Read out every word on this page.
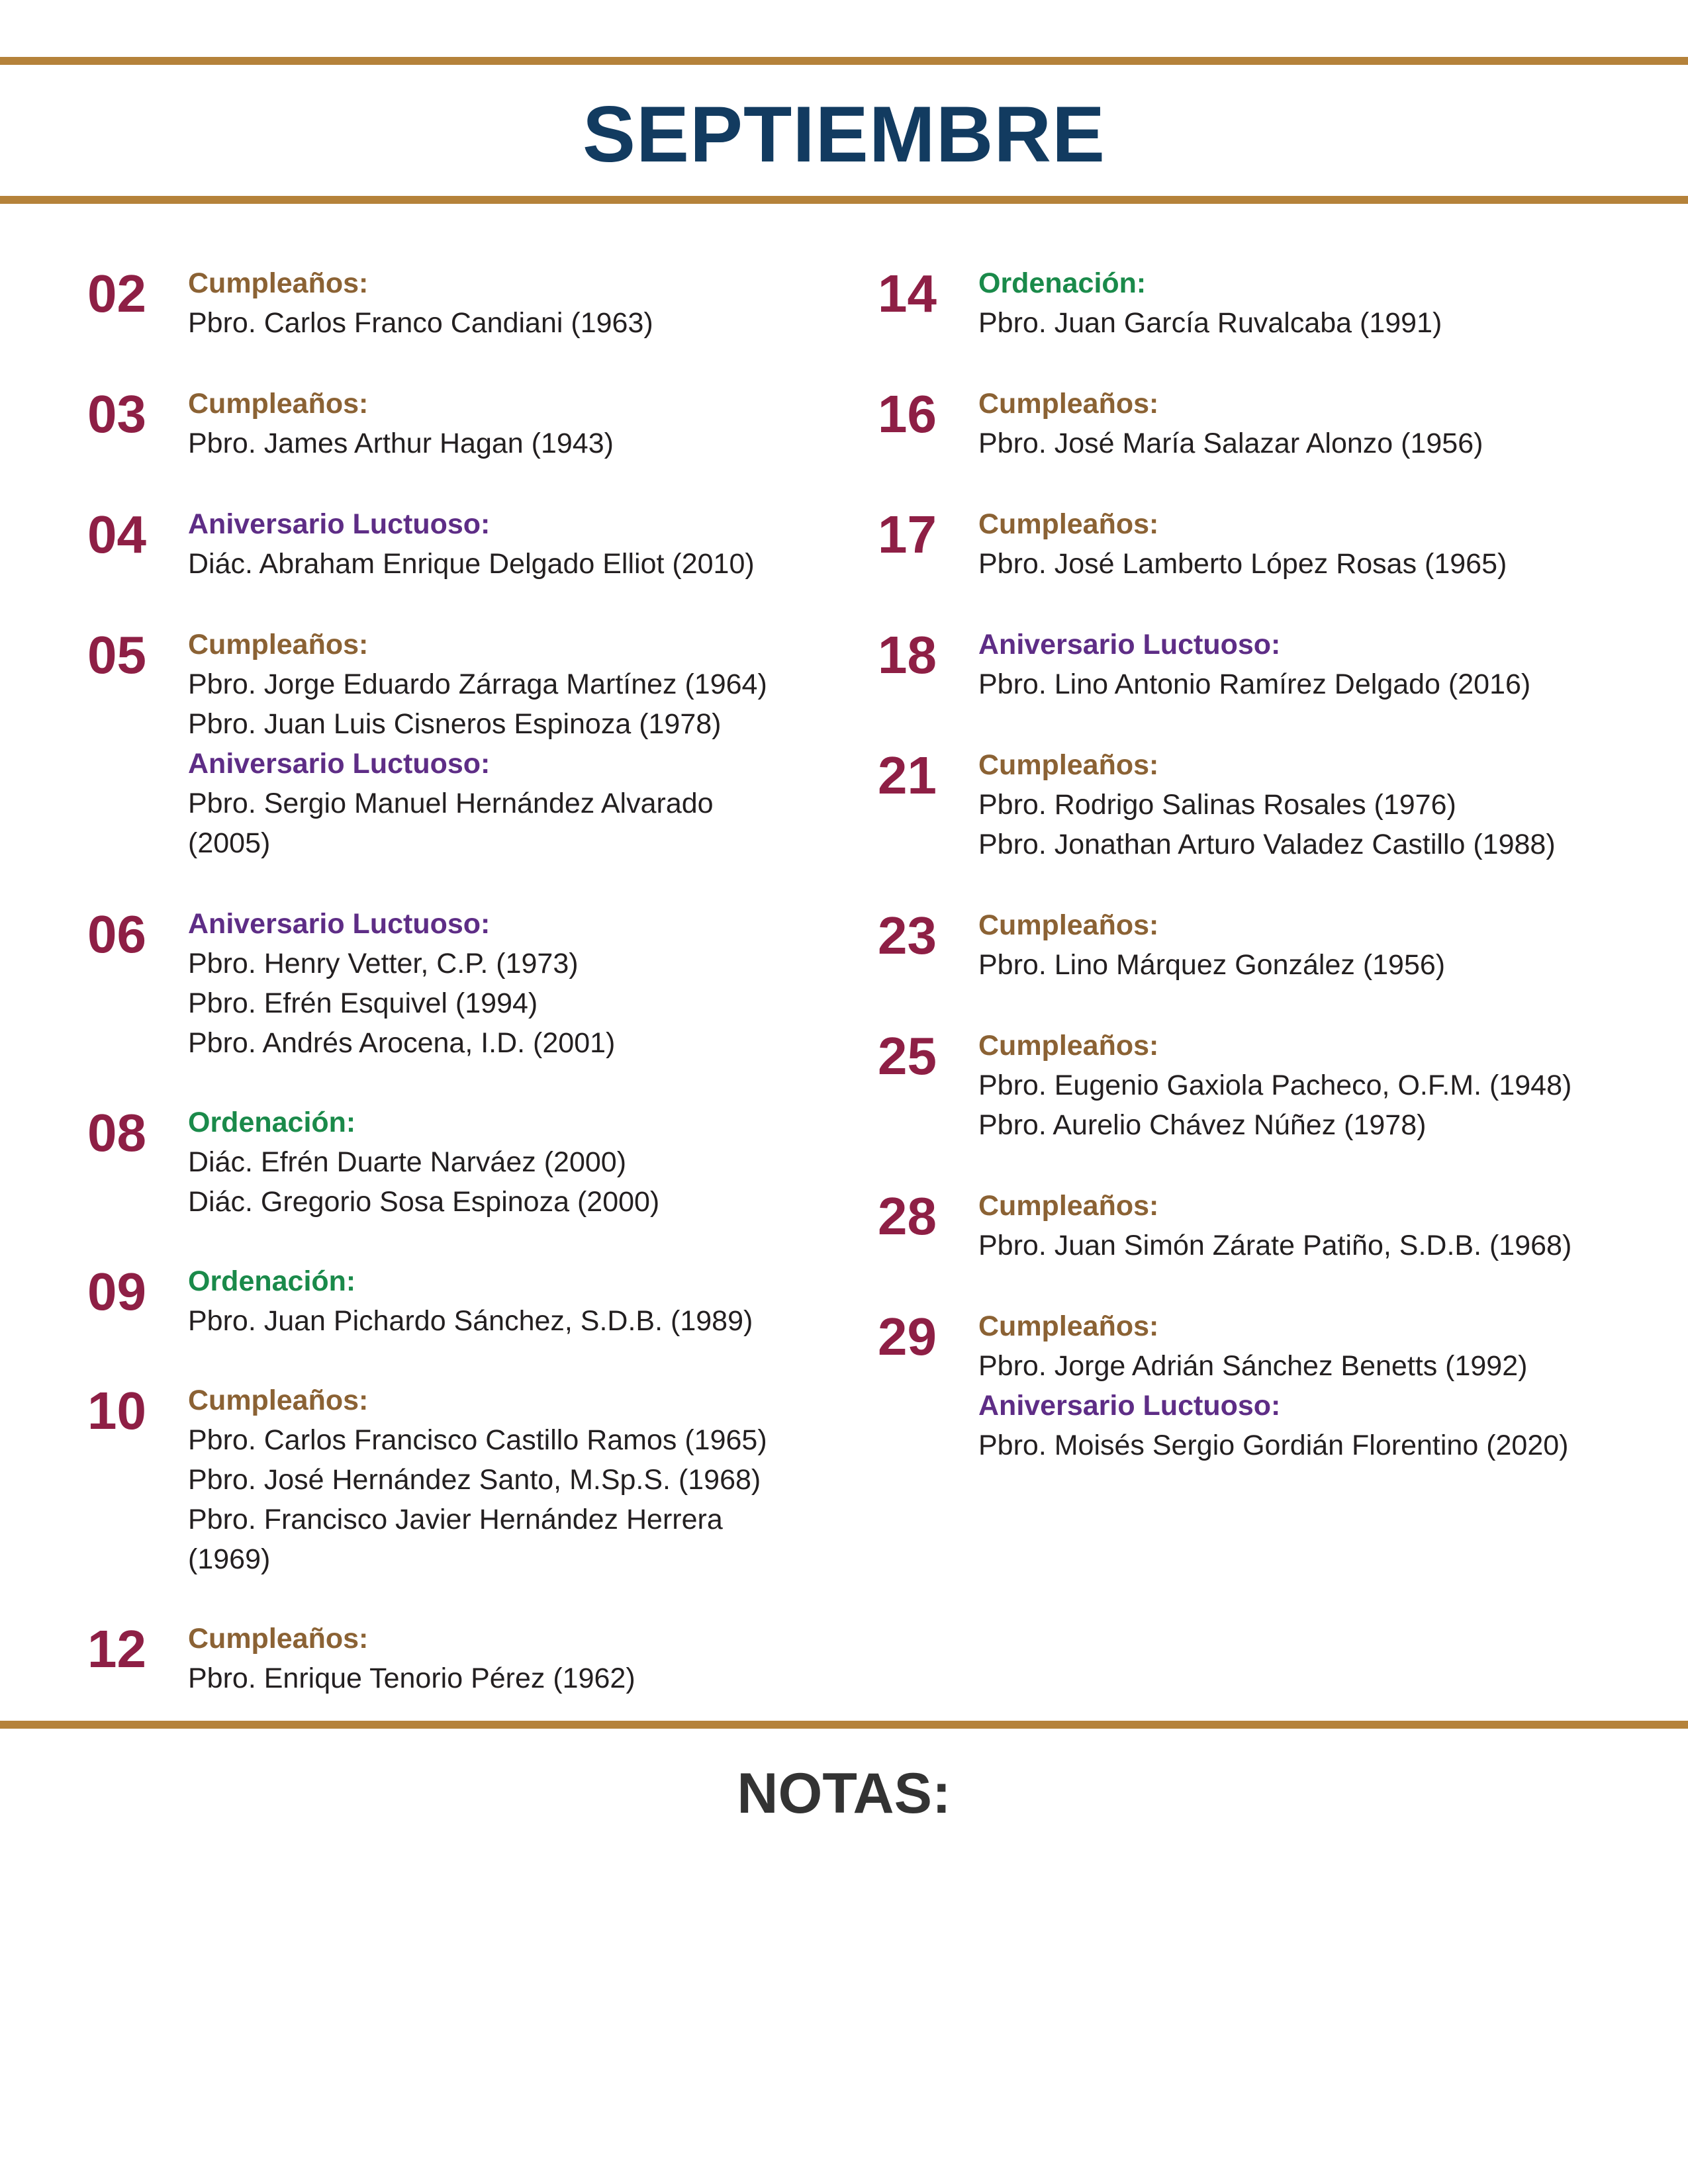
SEPTIEMBRE
02 Cumpleaños:
Pbro. Carlos Franco Candiani (1963)
03 Cumpleaños:
Pbro. James Arthur Hagan (1943)
04 Aniversario Luctuoso:
Diác. Abraham Enrique Delgado Elliot (2010)
05 Cumpleaños:
Pbro. Jorge Eduardo Zárraga Martínez (1964)
Pbro. Juan Luis Cisneros Espinoza (1978)
Aniversario Luctuoso:
Pbro. Sergio Manuel Hernández Alvarado (2005)
06 Aniversario Luctuoso:
Pbro. Henry Vetter, C.P. (1973)
Pbro. Efrén Esquivel (1994)
Pbro. Andrés Arocena, I.D. (2001)
08 Ordenación:
Diác. Efrén Duarte Narváez (2000)
Diác. Gregorio Sosa Espinoza (2000)
09 Ordenación:
Pbro. Juan Pichardo Sánchez, S.D.B. (1989)
10 Cumpleaños:
Pbro. Carlos Francisco Castillo Ramos (1965)
Pbro. José Hernández Santo, M.Sp.S. (1968)
Pbro. Francisco Javier Hernández Herrera (1969)
12 Cumpleaños:
Pbro. Enrique Tenorio Pérez (1962)
14 Ordenación:
Pbro. Juan García Ruvalcaba (1991)
16 Cumpleaños:
Pbro. José María Salazar Alonzo (1956)
17 Cumpleaños:
Pbro. José Lamberto López Rosas (1965)
18 Aniversario Luctuoso:
Pbro. Lino Antonio Ramírez Delgado (2016)
21 Cumpleaños:
Pbro. Rodrigo Salinas Rosales (1976)
Pbro. Jonathan Arturo Valadez Castillo (1988)
23 Cumpleaños:
Pbro. Lino Márquez González (1956)
25 Cumpleaños:
Pbro. Eugenio Gaxiola Pacheco, O.F.M. (1948)
Pbro. Aurelio Chávez Núñez (1978)
28 Cumpleaños:
Pbro. Juan Simón Zárate Patiño, S.D.B. (1968)
29 Cumpleaños:
Pbro. Jorge Adrián Sánchez Benetts (1992)
Aniversario Luctuoso:
Pbro. Moisés Sergio Gordián Florentino (2020)
NOTAS:
